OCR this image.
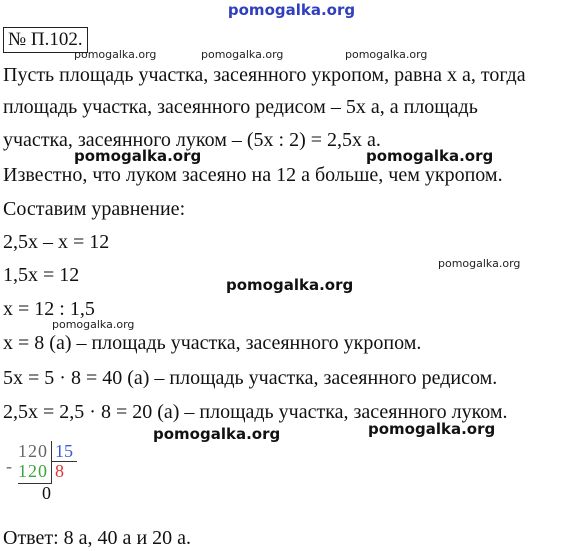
pomogalka.org
№ П.102.
pomogalka.org	pomogalka.org	pomogalka.org
Пусть площадь участка, засеянного укропом, равна x а, тогда
площадь участка, засеянного редисом – 5x а, а площадь
участка, засеянного луком – (5x : 2) = 2,5x а.
pomogalka.org	pomogalka.org
Известно, что луком засеяно на 12 а больше, чем укропом.
Составим уравнение:
2,5x – x = 12
pomogalka.org
1,5x = 12	pomogalka.org
x = 12 : 1,5
pomogalka.org
x = 8 (а) – площадь участка, засеянного укропом.
5x = 5 · 8 = 40 (а) – площадь участка, засеянного редисом.
2,5x = 2,5 · 8 = 20 (а) – площадь участка, засеянного луком.
pomogalka.org	pomogalka.org
-
120 15
120 8
0
Ответ: 8 а, 40 а и 20 а.
